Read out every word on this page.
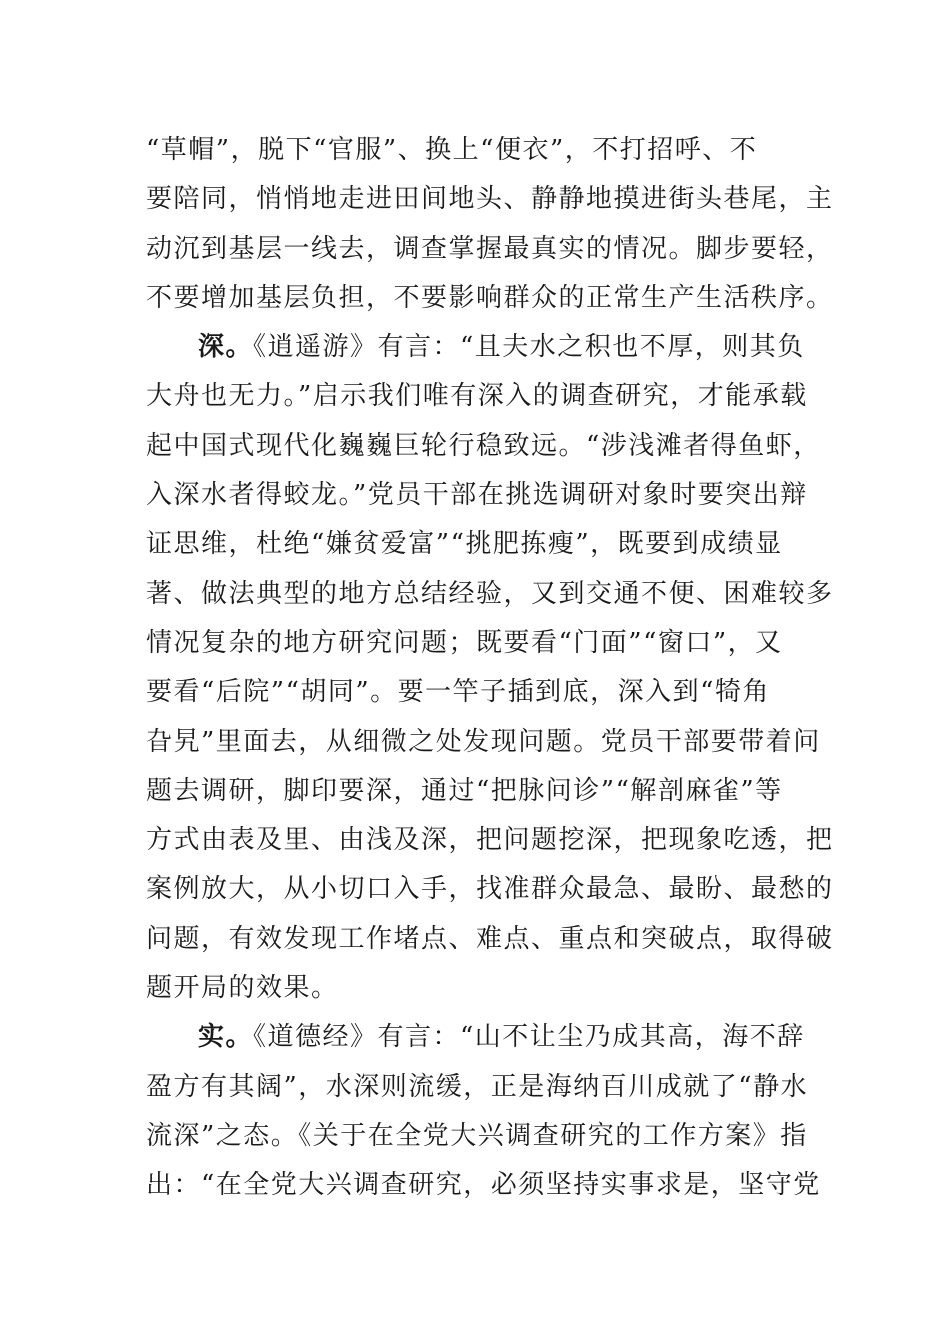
“草帽”，脱下“官服”、换上“便衣”，不打招呼、不
要陪同，悄悄地走进田间地头、静静地摸进街头巷尾，主
动沉到基层一线去，调查掌握最真实的情况。脚步要轻，
不要增加基层负担，不要影响群众的正常生产生活秩序。
深。《逍遥游》有言：“且夫水之积也不厚，则其负
大舟也无力。”启示我们唯有深入的调查研究，才能承载
起中国式现代化巍巍巨轮行稳致远。“涉浅滩者得鱼虾，
入深水者得蛟龙。”党员干部在挑选调研对象时要突出辩
证思维，杜绝“嫌贫爱富”“挑肥拣瘦”，既要到成绩显
著、做法典型的地方总结经验，又到交通不便、困难较多
情况复杂的地方研究问题；既要看“门面”“窗口”，又
要看“后院”“胡同”。要一竿子插到底，深入到“犄角
旮旯”里面去，从细微之处发现问题。党员干部要带着问
题去调研，脚印要深，通过“把脉问诊”“解剖麻雀”等
方式由表及里、由浅及深，把问题挖深，把现象吃透，把
案例放大，从小切口入手，找准群众最急、最盼、最愁的
问题，有效发现工作堵点、难点、重点和突破点，取得破
题开局的效果。
实。《道德经》有言：“山不让尘乃成其高，海不辞
盈方有其阔”，水深则流缓，正是海纳百川成就了“静水
流深”之态。《关于在全党大兴调查研究的工作方案》指
出：“在全党大兴调查研究，必须坚持实事求是，坚守党
